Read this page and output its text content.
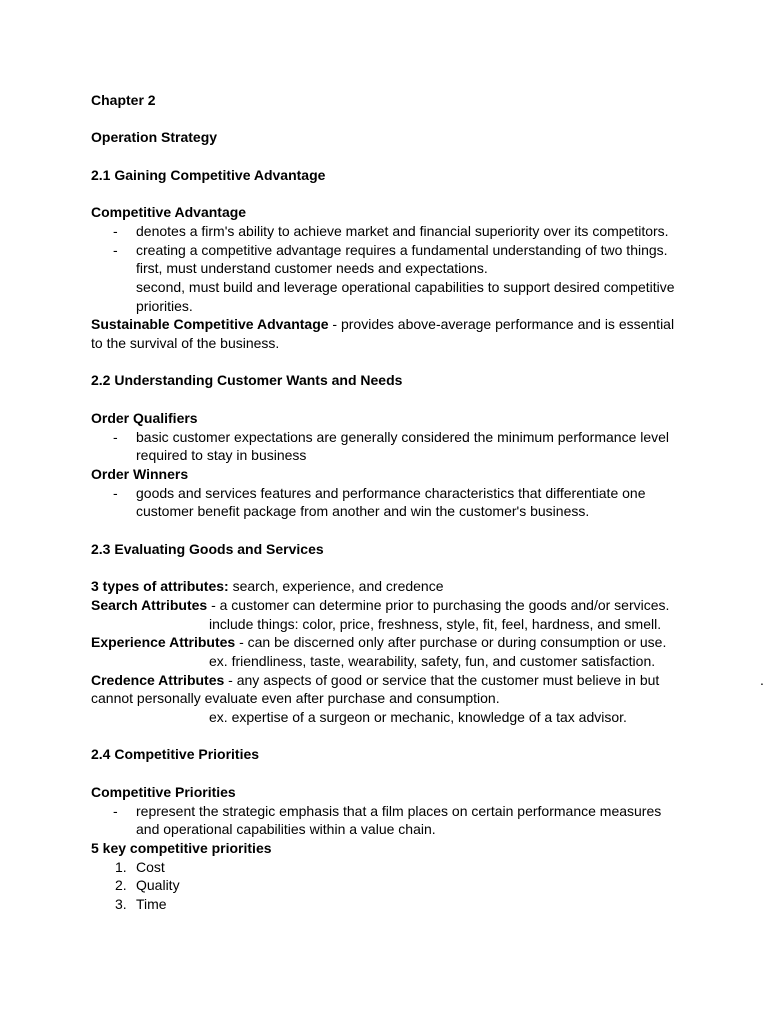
Chapter 2
Operation Strategy
2.1 Gaining Competitive Advantage
Competitive Advantage
- denotes a firm's ability to achieve market and financial superiority over its competitors.
- creating a competitive advantage requires a fundamental understanding of two things.
first, must understand customer needs and expectations.
second, must build and leverage operational capabilities to support desired competitive
priorities.
Sustainable Competitive Advantage - provides above-average performance and is essential
to the survival of the business.
2.2 Understanding Customer Wants and Needs
Order Qualifiers
- basic customer expectations are generally considered the minimum performance level
required to stay in business
Order Winners
- goods and services features and performance characteristics that differentiate one
customer benefit package from another and win the customer's business.
2.3 Evaluating Goods and Services
3 types of attributes: search, experience, and credence
Search Attributes - a customer can determine prior to purchasing the goods and/or services.
include things: color, price, freshness, style, fit, feel, hardness, and smell.
Experience Attributes - can be discerned only after purchase or during consumption or use.
ex. friendliness, taste, wearability, safety, fun, and customer satisfaction.
Credence Attributes - any aspects of good or service that the customer must believe in but	.
cannot personally evaluate even after purchase and consumption.
ex. expertise of a surgeon or mechanic, knowledge of a tax advisor.
2.4 Competitive Priorities
Competitive Priorities
- represent the strategic emphasis that a film places on certain performance measures
and operational capabilities within a value chain.
5 key competitive priorities
1. Cost
2. Quality
3. Time
